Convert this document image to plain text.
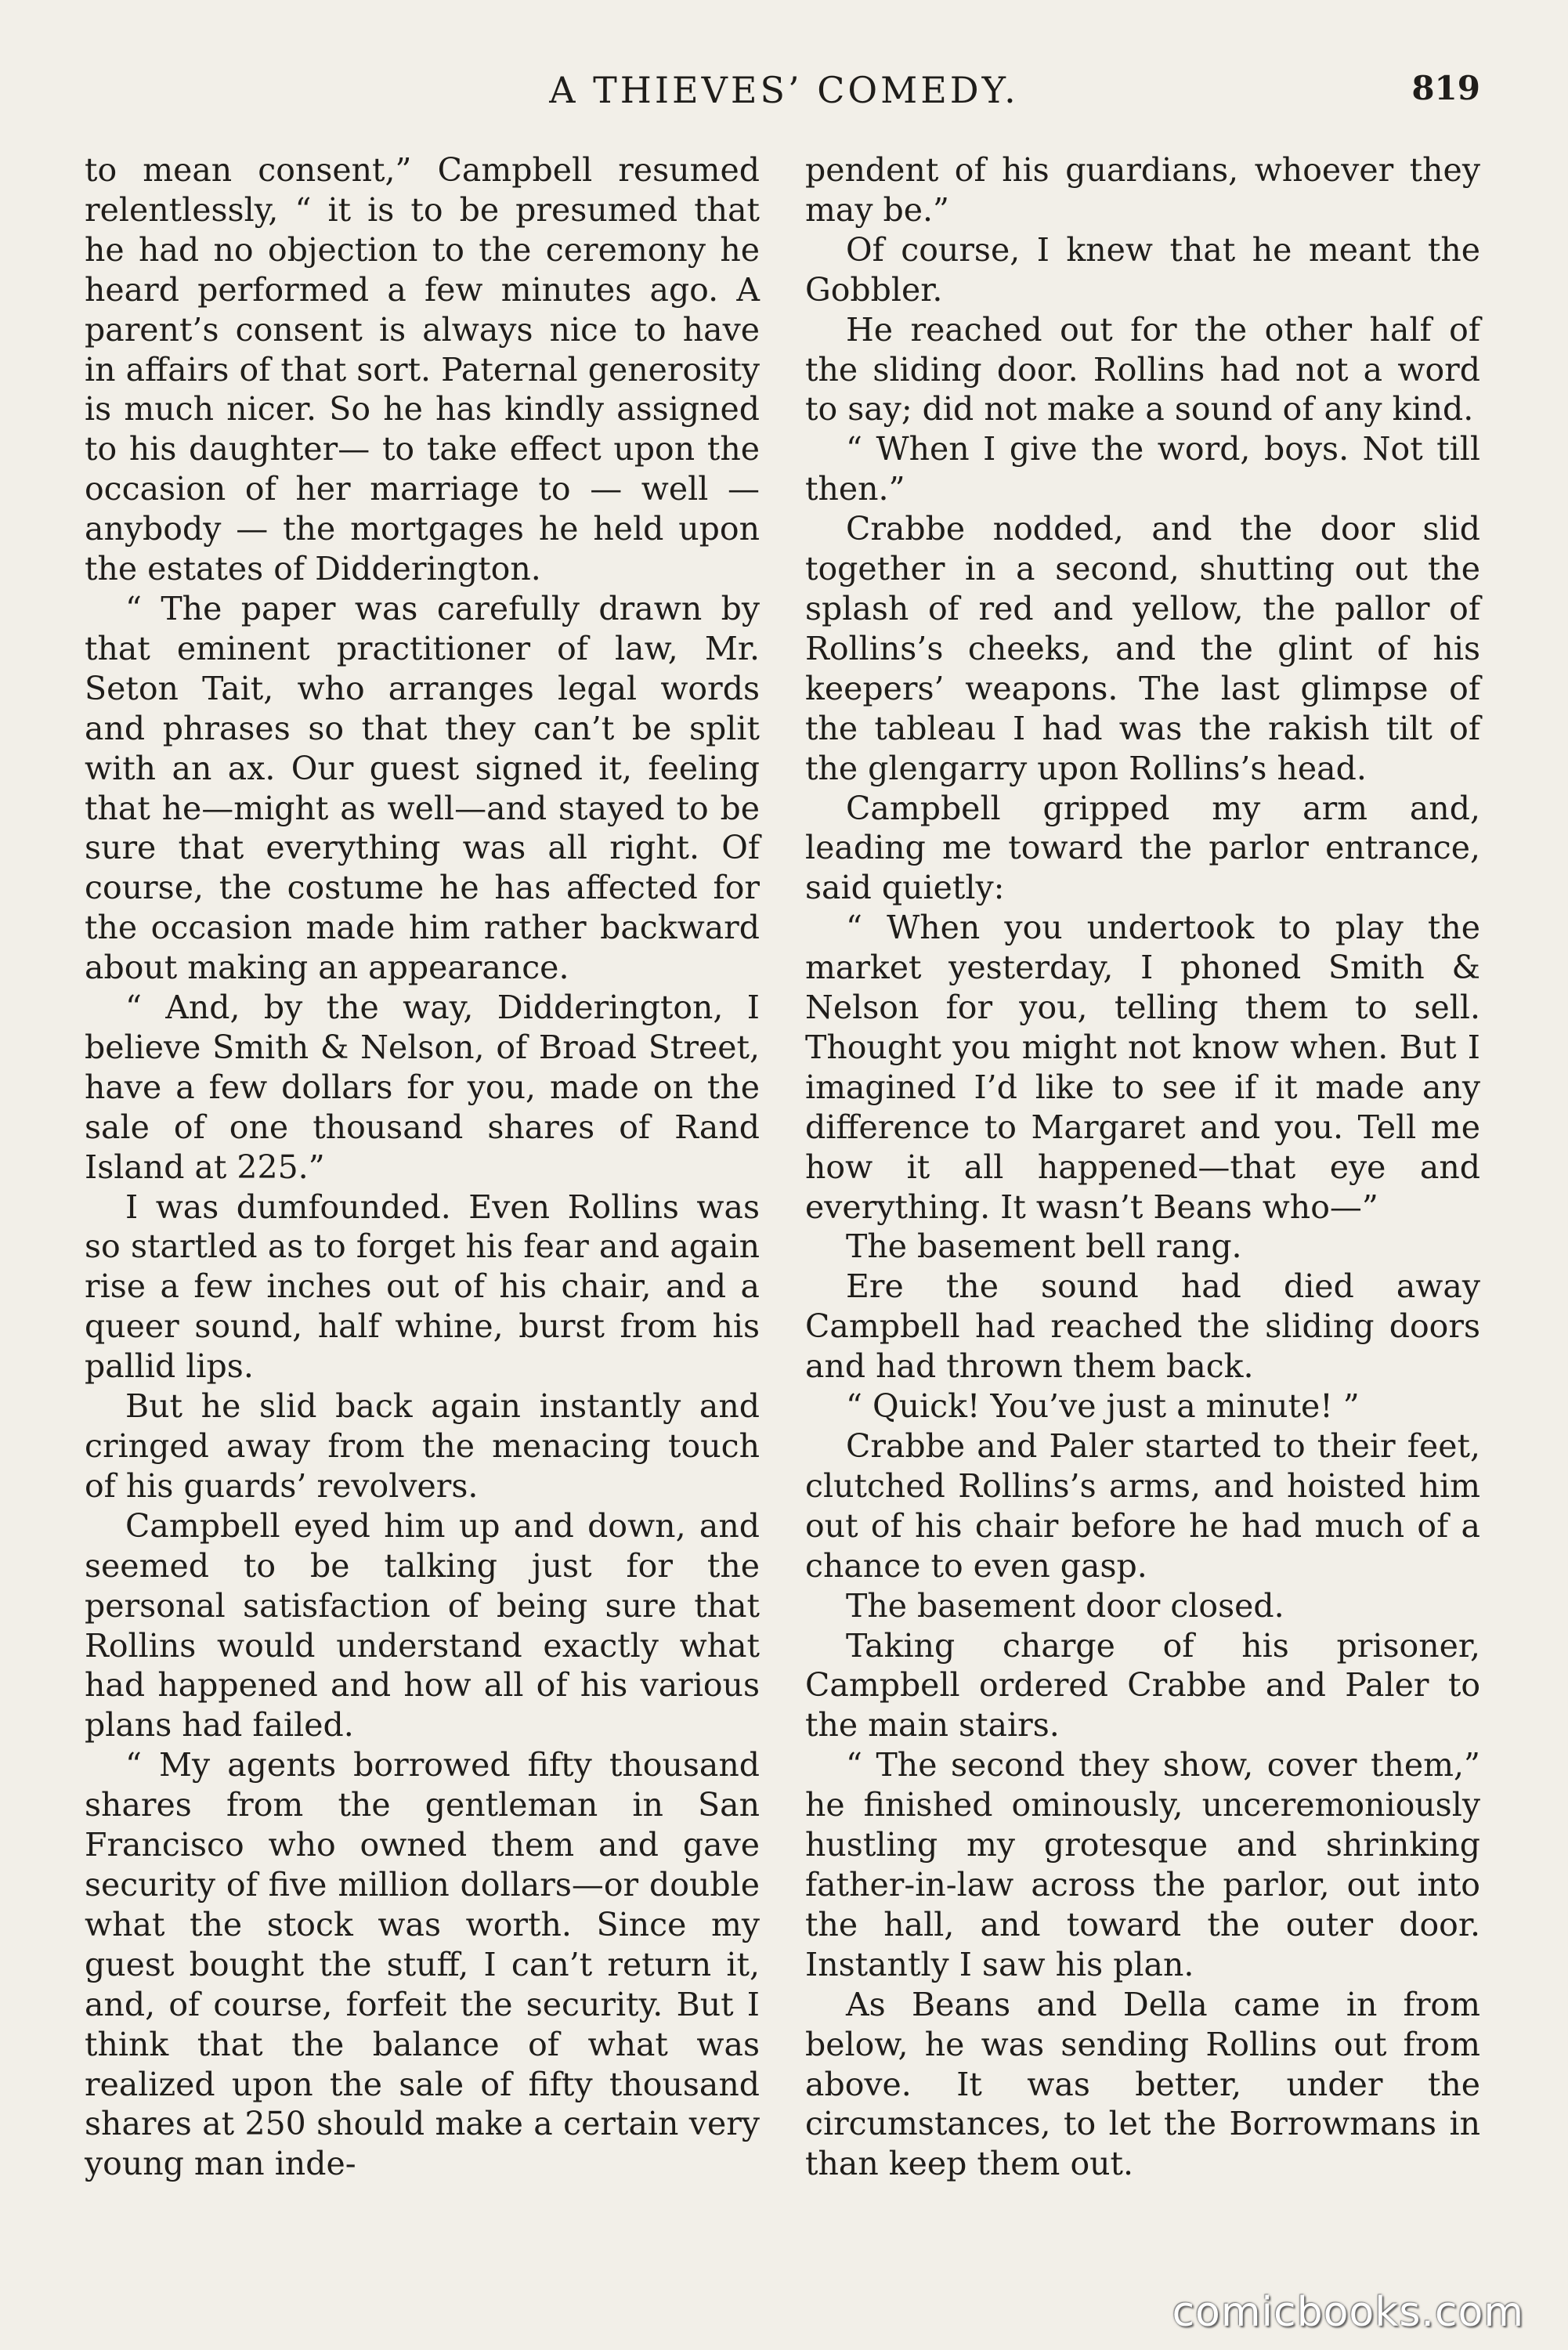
A THIEVES’ COMEDY.	819

to mean consent,” Campbell resumed relentlessly, “ it is to be presumed that he had no objection to the ceremony he heard performed a few minutes ago. A parent’s consent is always nice to have in affairs of that sort. Paternal generosity is much nicer. So he has kindly assigned to his daughter— to take effect upon the occasion of her marriage to — well — anybody — the mortgages he held upon the estates of Didderington.

“ The paper was carefully drawn by that eminent practitioner of law, Mr. Seton Tait, who arranges legal words and phrases so that they can’t be split with an ax. Our guest signed it, feeling that he—might as well—and stayed to be sure that everything was all right. Of course, the costume he has affected for the occasion made him rather backward about making an appearance.

“ And, by the way, Didderington, I believe Smith & Nelson, of Broad Street, have a few dollars for you, made on the sale of one thousand shares of Rand Island at 225.”

I was dumfounded. Even Rollins was so startled as to forget his fear and again rise a few inches out of his chair, and a queer sound, half whine, burst from his pallid lips.

But he slid back again instantly and cringed away from the menacing touch of his guards’ revolvers.

Campbell eyed him up and down, and seemed to be talking just for the personal satisfaction of being sure that Rollins would understand exactly what had happened and how all of his various plans had failed.

“ My agents borrowed fifty thousand shares from the gentleman in San Francisco who owned them and gave security of five million dollars—or double what the stock was worth. Since my guest bought the stuff, I can’t return it, and, of course, forfeit the security. But I think that the balance of what was realized upon the sale of fifty thousand shares at 250 should make a certain very young man inde-

pendent of his guardians, whoever they may be.”

Of course, I knew that he meant the Gobbler.

He reached out for the other half of the sliding door. Rollins had not a word to say; did not make a sound of any kind.

“ When I give the word, boys. Not till then.”

Crabbe nodded, and the door slid together in a second, shutting out the splash of red and yellow, the pallor of Rollins’s cheeks, and the glint of his keepers’ weapons. The last glimpse of the tableau I had was the rakish tilt of the glengarry upon Rollins’s head.

Campbell gripped my arm and, leading me toward the parlor entrance, said quietly:

“ When you undertook to play the market yesterday, I phoned Smith & Nelson for you, telling them to sell. Thought you might not know when. But I imagined I’d like to see if it made any difference to Margaret and you. Tell me how it all happened—that eye and everything. It wasn’t Beans who—”

The basement bell rang.

Ere the sound had died away Campbell had reached the sliding doors and had thrown them back.

“ Quick! You’ve just a minute! ”

Crabbe and Paler started to their feet, clutched Rollins’s arms, and hoisted him out of his chair before he had much of a chance to even gasp.

The basement door closed.

Taking charge of his prisoner, Campbell ordered Crabbe and Paler to the main stairs.

“ The second they show, cover them,” he finished ominously, unceremoniously hustling my grotesque and shrinking father-in-law across the parlor, out into the hall, and toward the outer door. Instantly I saw his plan.

As Beans and Della came in from below, he was sending Rollins out from above. It was better, under the circumstances, to let the Borrowmans in than keep them out.

comicbooks.com
